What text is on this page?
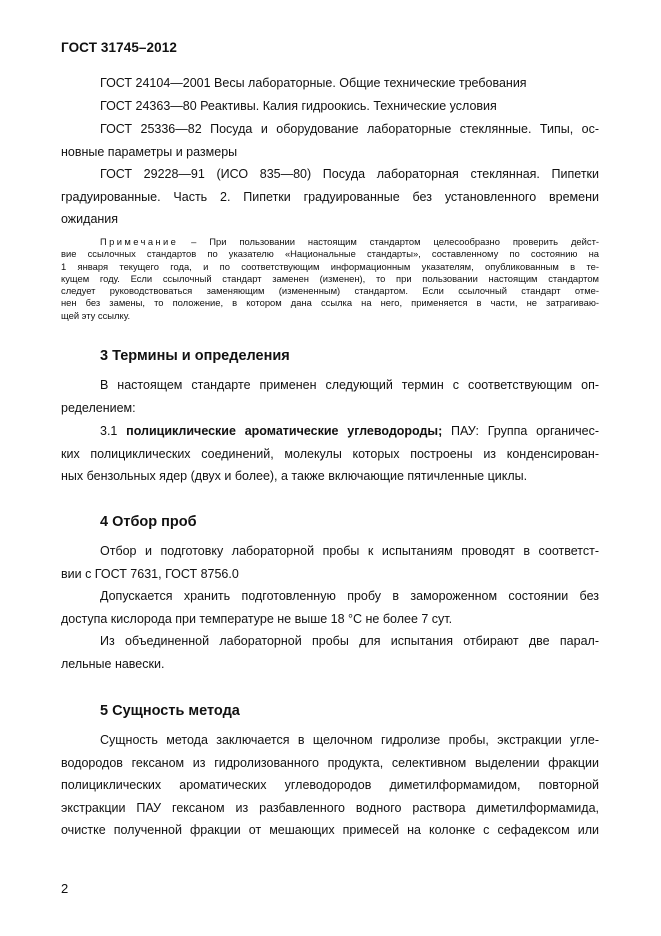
ГОСТ 31745–2012
ГОСТ 24104—2001 Весы лабораторные. Общие технические требования
ГОСТ 24363—80 Реактивы. Калия гидроокись. Технические условия
ГОСТ 25336—82 Посуда и оборудование лабораторные стеклянные. Типы, ос-
новные параметры и размеры
ГОСТ 29228—91 (ИСО 835—80) Посуда лабораторная стеклянная. Пипетки
градуированные. Часть 2. Пипетки градуированные без установленного времени
ожидания
Примечание – При пользовании настоящим стандартом целесообразно проверить дейст-
вие ссылочных стандартов по указателю «Национальные стандарты», составленному по состоянию на
1 января текущего года, и по соответствующим информационным указателям, опубликованным в те-
кущем году. Если ссылочный стандарт заменен (изменен), то при пользовании настоящим стандартом
следует руководствоваться заменяющим (измененным) стандартом. Если ссылочный стандарт отме-
нен без замены, то положение, в котором дана ссылка на него, применяется в части, не затрагиваю-
щей эту ссылку.
3 Термины и определения
В настоящем стандарте применен следующий термин с соответствующим оп-
ределением:
3.1 полициклические ароматические углеводороды; ПАУ: Группа органичес-
ких полициклических соединений, молекулы которых построены из конденсирован-
ных бензольных ядер (двух и более), а также включающие пятичленные циклы.
4 Отбор проб
Отбор и подготовку лабораторной пробы к испытаниям проводят в соответст-
вии с ГОСТ 7631, ГОСТ 8756.0
Допускается хранить подготовленную пробу в замороженном состоянии без
доступа кислорода при температуре не выше 18 °С не более 7 сут.
Из объединенной лабораторной пробы для испытания отбирают две парал-
лельные навески.
5 Сущность метода
Сущность метода заключается в щелочном гидролизе пробы, экстракции угле-
водородов гексаном из гидролизованного продукта, селективном выделении фракции
полициклических ароматических углеводородов диметилформамидом, повторной
экстракции ПАУ гексаном из разбавленного водного раствора диметилформамида,
очистке полученной фракции от мешающих примесей на колонке с сефадексом или
2
